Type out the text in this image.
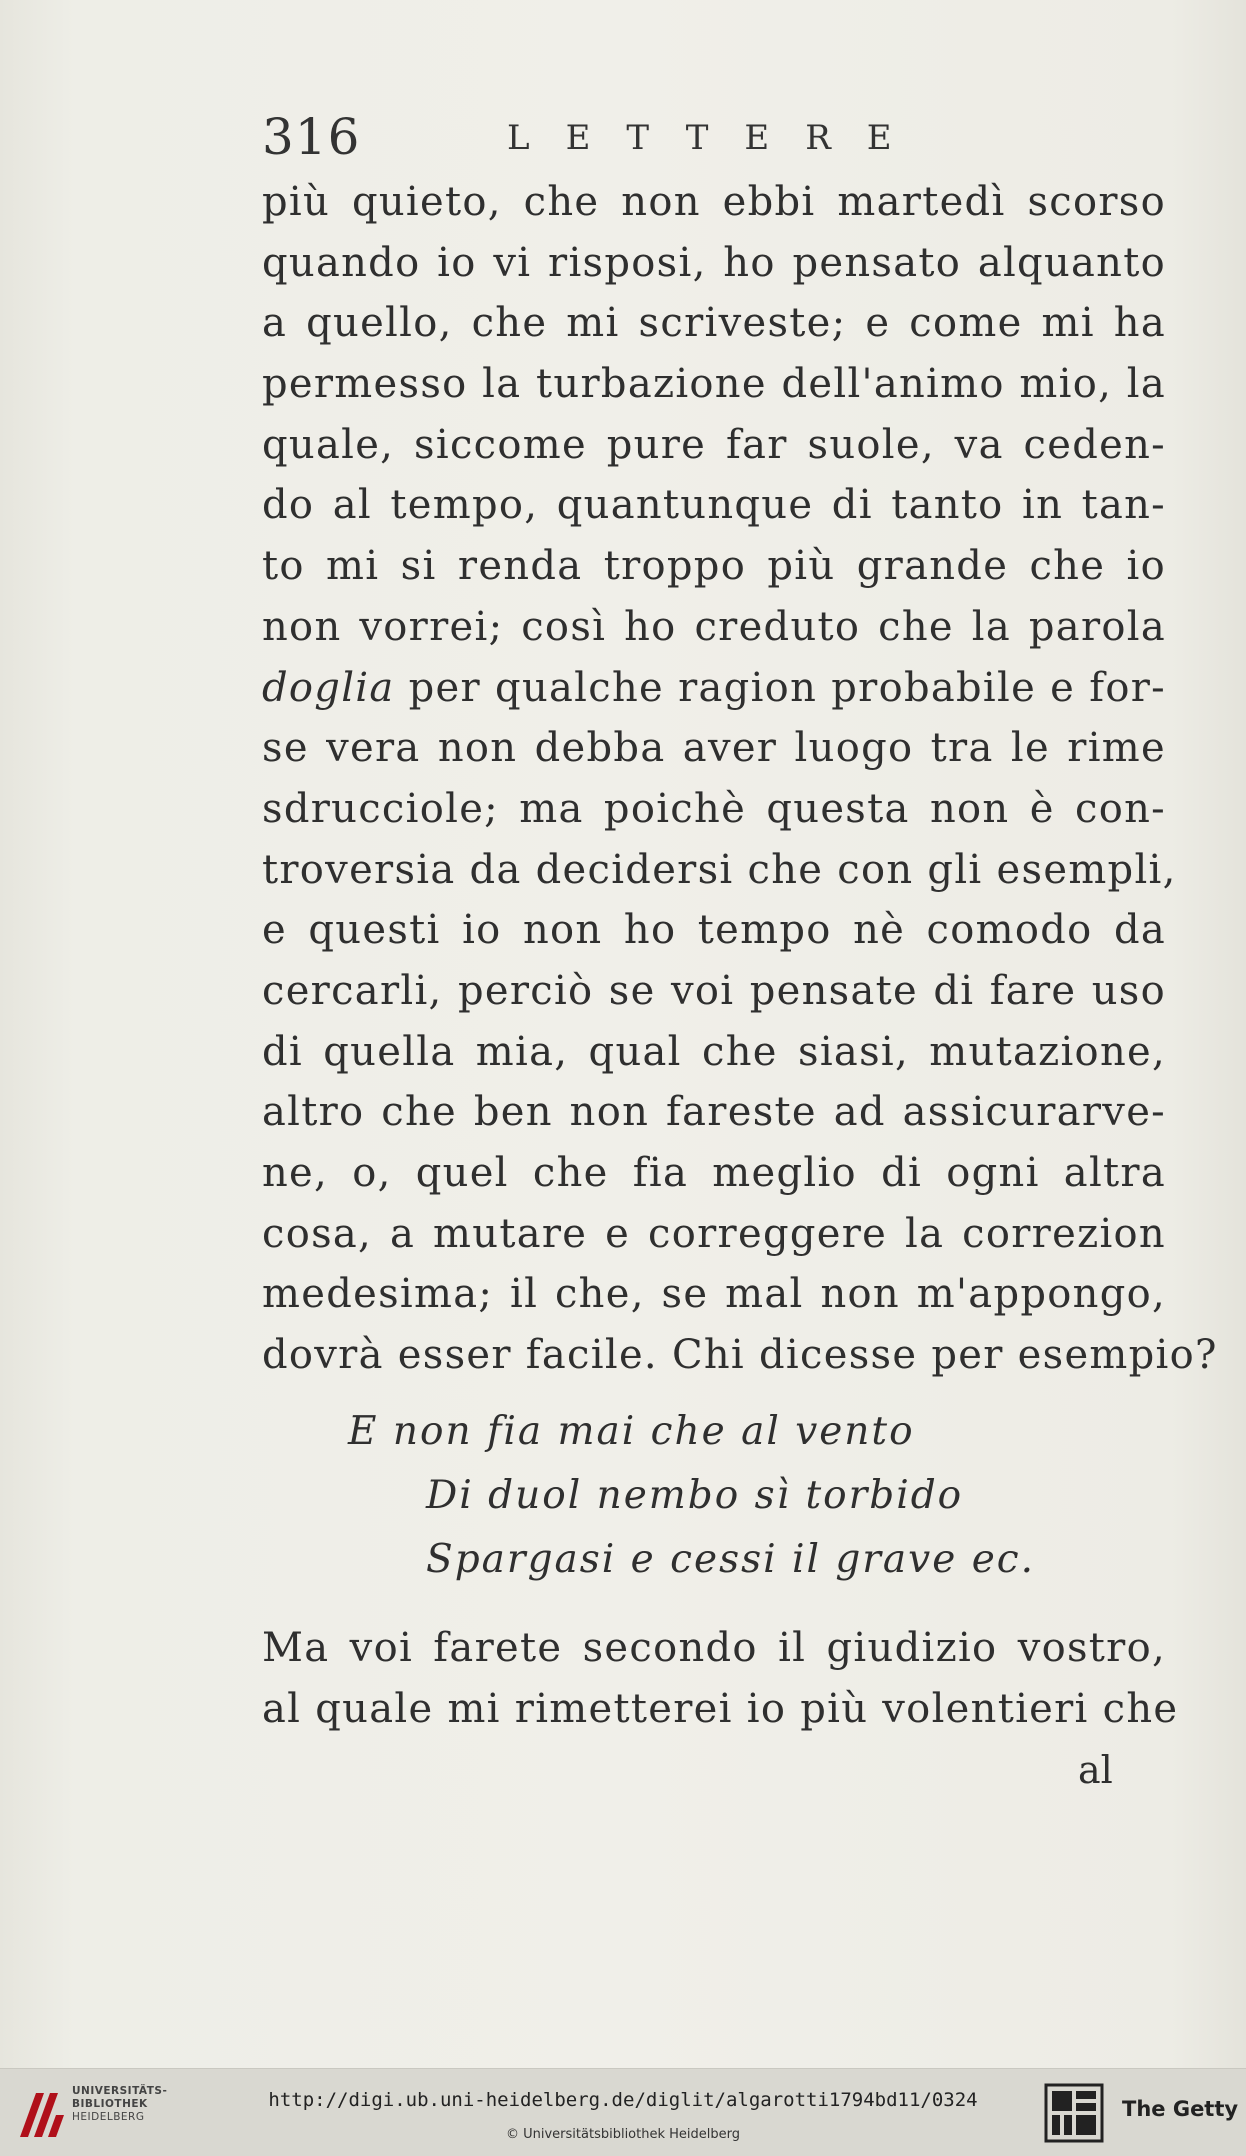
316	LETTERE
più quieto, che non ebbi martedì scorso
quando io vi risposi, ho pensato alquanto
a quello, che mi scriveste; e come mi ha
permesso la turbazione dell'animo mio, la
quale, siccome pure far suole, va ceden-
do al tempo, quantunque di tanto in tan-
to mi si renda troppo più grande che io
non vorrei; così ho creduto che la parola
doglia per qualche ragion probabile e for-
se vera non debba aver luogo tra le rime
sdrucciole; ma poichè questa non è con-
troversia da decidersi che con gli esempli,
e questi io non ho tempo nè comodo da
cercarli, perciò se voi pensate di fare uso
di quella mia, qual che siasi, mutazione,
altro che ben non fareste ad assicurarve-
ne, o, quel che fia meglio di ogni altra
cosa, a mutare e correggere la correzion
medesima; il che, se mal non m'appongo,
dovrà esser facile. Chi dicesse per esempio?
E non fia mai che al vento
Di duol nembo sì torbido
Spargasi e cessi il grave ec.
Ma voi farete secondo il giudizio vostro,
al quale mi rimetterei io più volentieri che
al
UNIVERSITÄTS-
BIBLIOTHEK
HEIDELBERG
http://digi.ub.uni-heidelberg.de/diglit/algarotti1794bd11/0324
© Universitätsbibliothek Heidelberg
The Getty
